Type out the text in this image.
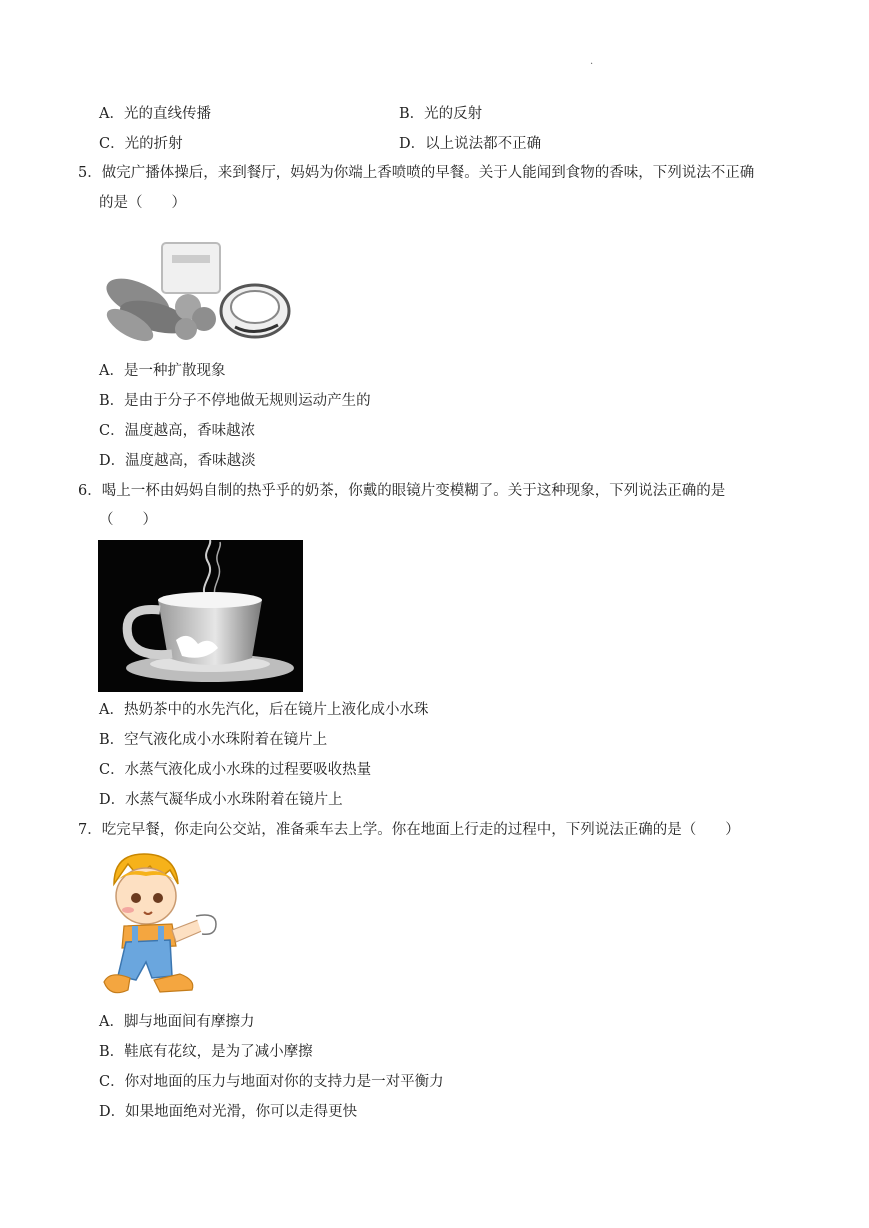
.
A．光的直线传播	B．光的反射
C．光的折射	D．以上说法都不正确
5．做完广播体操后，来到餐厅，妈妈为你端上香喷喷的早餐。关于人能闻到食物的香味，下列说法不正确
的是（　　）
A．是一种扩散现象
B．是由于分子不停地做无规则运动产生的
C．温度越高，香味越浓
D．温度越高，香味越淡
6．喝上一杯由妈妈自制的热乎乎的奶茶，你戴的眼镜片变模糊了。关于这种现象，下列说法正确的是
（　　）
A．热奶茶中的水先汽化，后在镜片上液化成小水珠
B．空气液化成小水珠附着在镜片上
C．水蒸气液化成小水珠的过程要吸收热量
D．水蒸气凝华成小水珠附着在镜片上
7．吃完早餐，你走向公交站，准备乘车去上学。你在地面上行走的过程中，下列说法正确的是（　　）
A．脚与地面间有摩擦力
B．鞋底有花纹，是为了减小摩擦
C．你对地面的压力与地面对你的支持力是一对平衡力
D．如果地面绝对光滑，你可以走得更快
